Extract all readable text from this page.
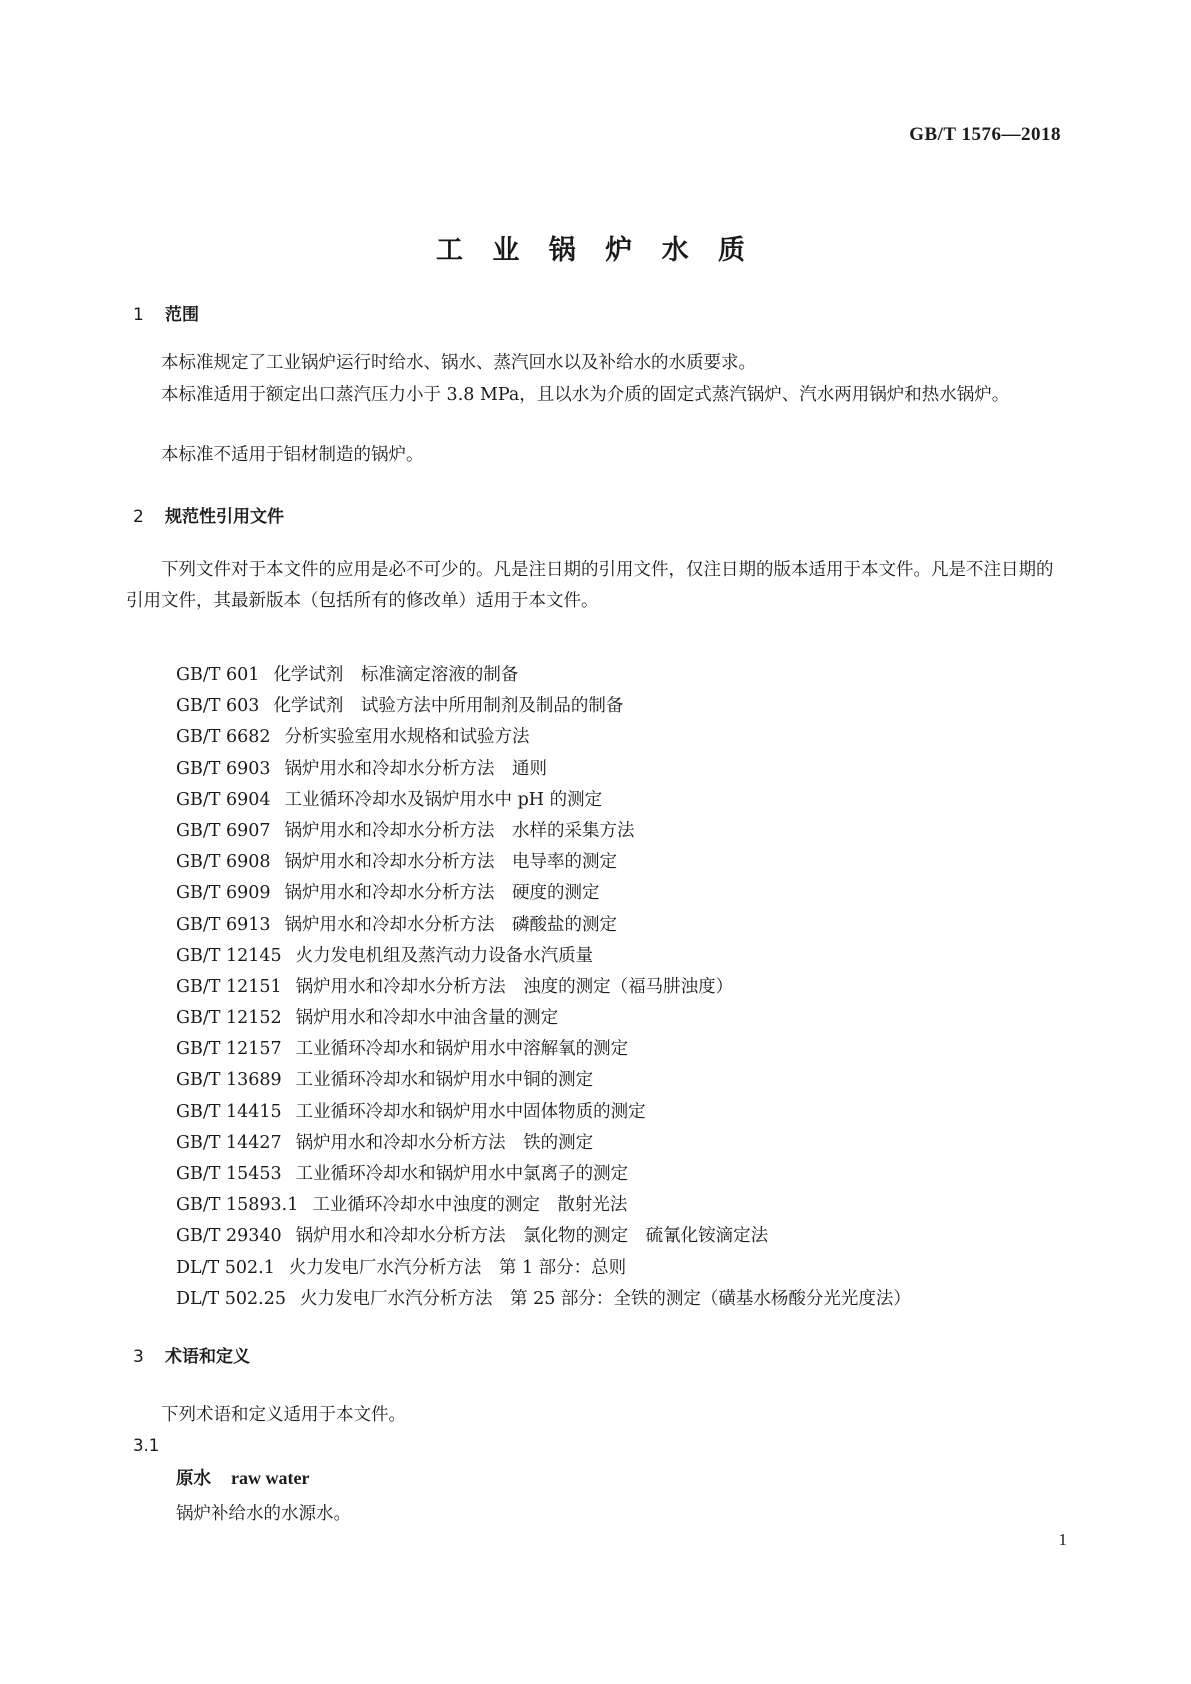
GB/T 1576—2018
工 业 锅 炉 水 质
1 范围
本标准规定了工业锅炉运行时给水、锅水、蒸汽回水以及补给水的水质要求。
本标准适用于额定出口蒸汽压力小于 3.8 MPa，且以水为介质的固定式蒸汽锅炉、汽水两用锅炉和热水锅炉。
本标准不适用于铝材制造的锅炉。
2 规范性引用文件
下列文件对于本文件的应用是必不可少的。凡是注日期的引用文件，仅注日期的版本适用于本文件。凡是不注日期的引用文件，其最新版本（包括所有的修改单）适用于本文件。
GB/T 601 化学试剂　标准滴定溶液的制备
GB/T 603 化学试剂　试验方法中所用制剂及制品的制备
GB/T 6682 分析实验室用水规格和试验方法
GB/T 6903 锅炉用水和冷却水分析方法　通则
GB/T 6904 工业循环冷却水及锅炉用水中 pH 的测定
GB/T 6907 锅炉用水和冷却水分析方法　水样的采集方法
GB/T 6908 锅炉用水和冷却水分析方法　电导率的测定
GB/T 6909 锅炉用水和冷却水分析方法　硬度的测定
GB/T 6913 锅炉用水和冷却水分析方法　磷酸盐的测定
GB/T 12145 火力发电机组及蒸汽动力设备水汽质量
GB/T 12151 锅炉用水和冷却水分析方法　浊度的测定（福马肼浊度）
GB/T 12152 锅炉用水和冷却水中油含量的测定
GB/T 12157 工业循环冷却水和锅炉用水中溶解氧的测定
GB/T 13689 工业循环冷却水和锅炉用水中铜的测定
GB/T 14415 工业循环冷却水和锅炉用水中固体物质的测定
GB/T 14427 锅炉用水和冷却水分析方法　铁的测定
GB/T 15453 工业循环冷却水和锅炉用水中氯离子的测定
GB/T 15893.1 工业循环冷却水中浊度的测定　散射光法
GB/T 29340 锅炉用水和冷却水分析方法　氯化物的测定　硫氰化铵滴定法
DL/T 502.1 火力发电厂水汽分析方法　第 1 部分：总则
DL/T 502.25 火力发电厂水汽分析方法　第 25 部分：全铁的测定（磺基水杨酸分光光度法）
3 术语和定义
下列术语和定义适用于本文件。
3.1
原水 raw water
锅炉补给水的水源水。
1
